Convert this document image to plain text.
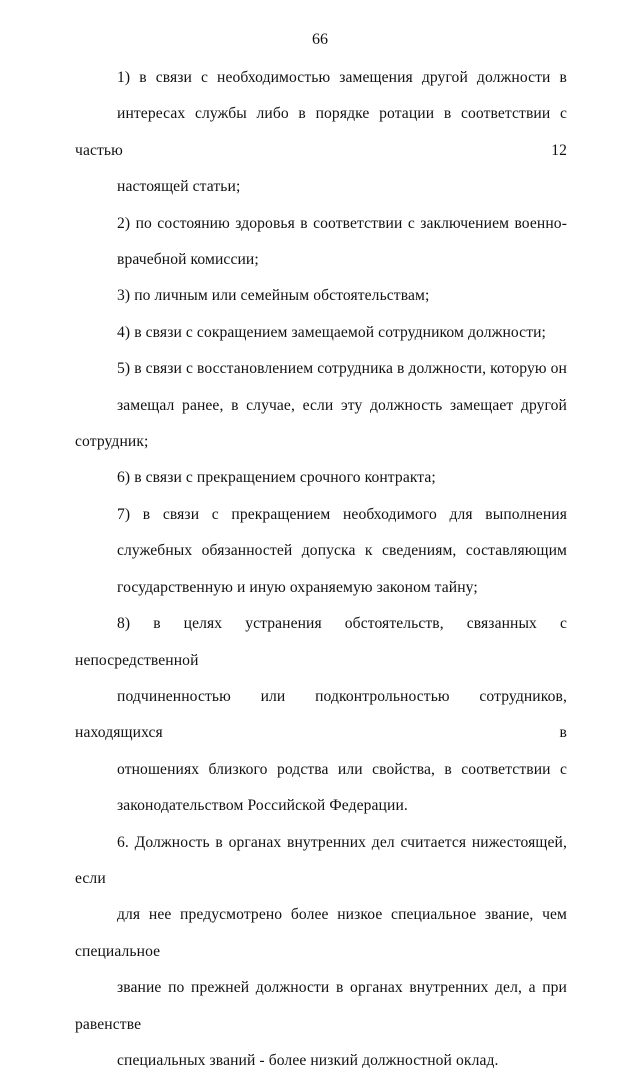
66
1) в связи с необходимостью замещения другой должности в
интересах службы либо в порядке ротации в соответствии с частью 12
настоящей статьи;
2) по состоянию здоровья в соответствии с заключением военно-
врачебной комиссии;
3) по личным или семейным обстоятельствам;
4) в связи с сокращением замещаемой сотрудником должности;
5) в связи с восстановлением сотрудника в должности, которую он
замещал ранее, в случае, если эту должность замещает другой сотрудник;
6) в связи с прекращением срочного контракта;
7) в связи с прекращением необходимого для выполнения
служебных обязанностей допуска к сведениям, составляющим
государственную и иную охраняемую законом тайну;
8) в целях устранения обстоятельств, связанных с непосредственной
подчиненностью или подконтрольностью сотрудников, находящихся в
отношениях близкого родства или свойства, в соответствии с
законодательством Российской Федерации.
6. Должность в органах внутренних дел считается нижестоящей, если
для нее предусмотрено более низкое специальное звание, чем специальное
звание по прежней должности в органах внутренних дел, а при равенстве
специальных званий - более низкий должностной оклад.
